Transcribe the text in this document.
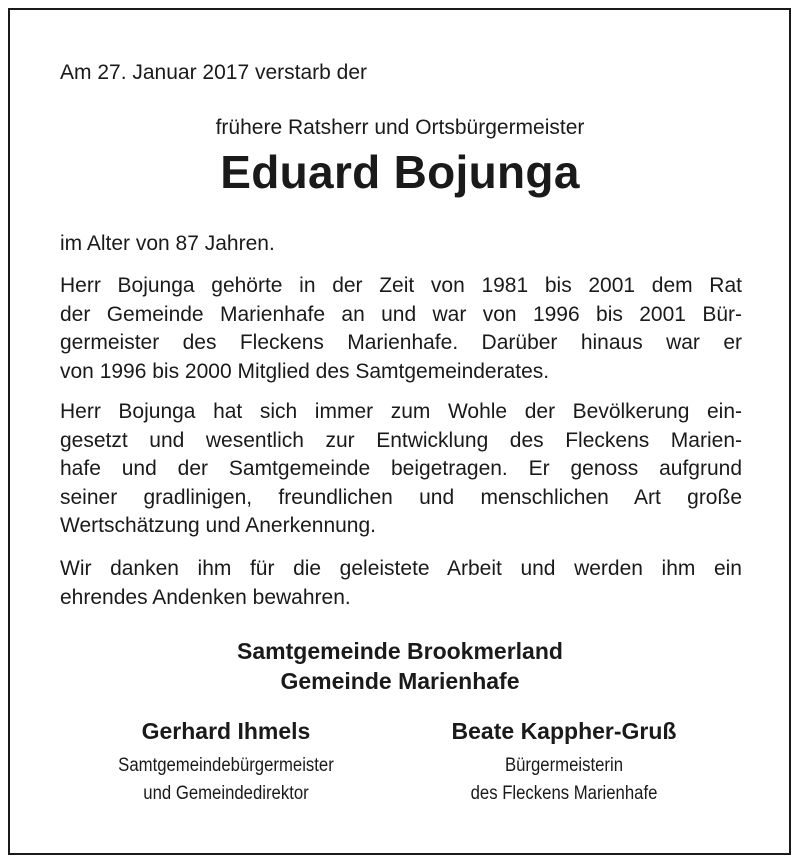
Am 27. Januar 2017 verstarb der
frühere Ratsherr und Ortsbürgermeister
Eduard Bojunga
im Alter von 87 Jahren.
Herr Bojunga gehörte in der Zeit von 1981 bis 2001 dem Rat
der Gemeinde Marienhafe an und war von 1996 bis 2001 Bür-
germeister des Fleckens Marienhafe. Darüber hinaus war er
von 1996 bis 2000 Mitglied des Samtgemeinderates.
Herr Bojunga hat sich immer zum Wohle der Bevölkerung ein-
gesetzt und wesentlich zur Entwicklung des Fleckens Marien-
hafe und der Samtgemeinde beigetragen. Er genoss aufgrund
seiner gradlinigen, freundlichen und menschlichen Art große
Wertschätzung und Anerkennung.
Wir danken ihm für die geleistete Arbeit und werden ihm ein
ehrendes Andenken bewahren.
Samtgemeinde Brookmerland
Gemeinde Marienhafe
Gerhard Ihmels
Samtgemeindebürgermeister
und Gemeindedirektor
Beate Kappher-Gruß
Bürgermeisterin
des Fleckens Marienhafe
